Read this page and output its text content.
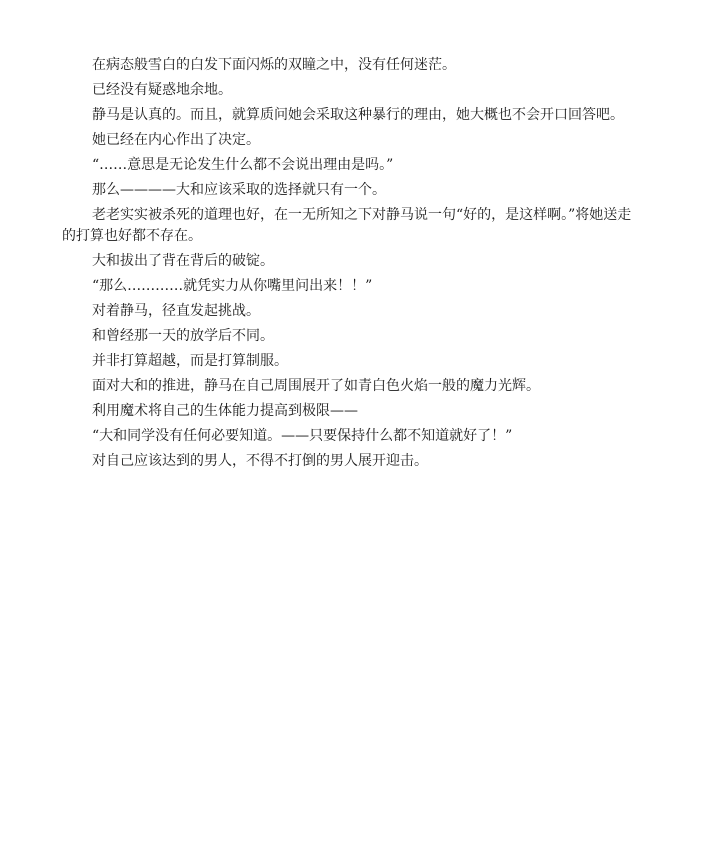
在病态般雪白的白发下面闪烁的双瞳之中，没有任何迷茫。

已经没有疑惑地余地。

静马是认真的。而且，就算质问她会采取这种暴行的理由，她大概也不会开口回答吧。

她已经在内心作出了决定。

“……意思是无论发生什么都不会说出理由是吗。”

那么————大和应该采取的选择就只有一个。

老老实实被杀死的道理也好，在一无所知之下对静马说一句“好的，是这样啊。”将她送走的打算也好都不存在。

大和拔出了背在背后的破锭。

“那么…………就凭实力从你嘴里问出来！！”

对着静马，径直发起挑战。

和曾经那一天的放学后不同。

并非打算超越，而是打算制服。

面对大和的推进，静马在自己周围展开了如青白色火焰一般的魔力光辉。

利用魔术将自己的生体能力提高到极限——

“大和同学没有任何必要知道。——只要保持什么都不知道就好了！”

对自己应该达到的男人，不得不打倒的男人展开迎击。
